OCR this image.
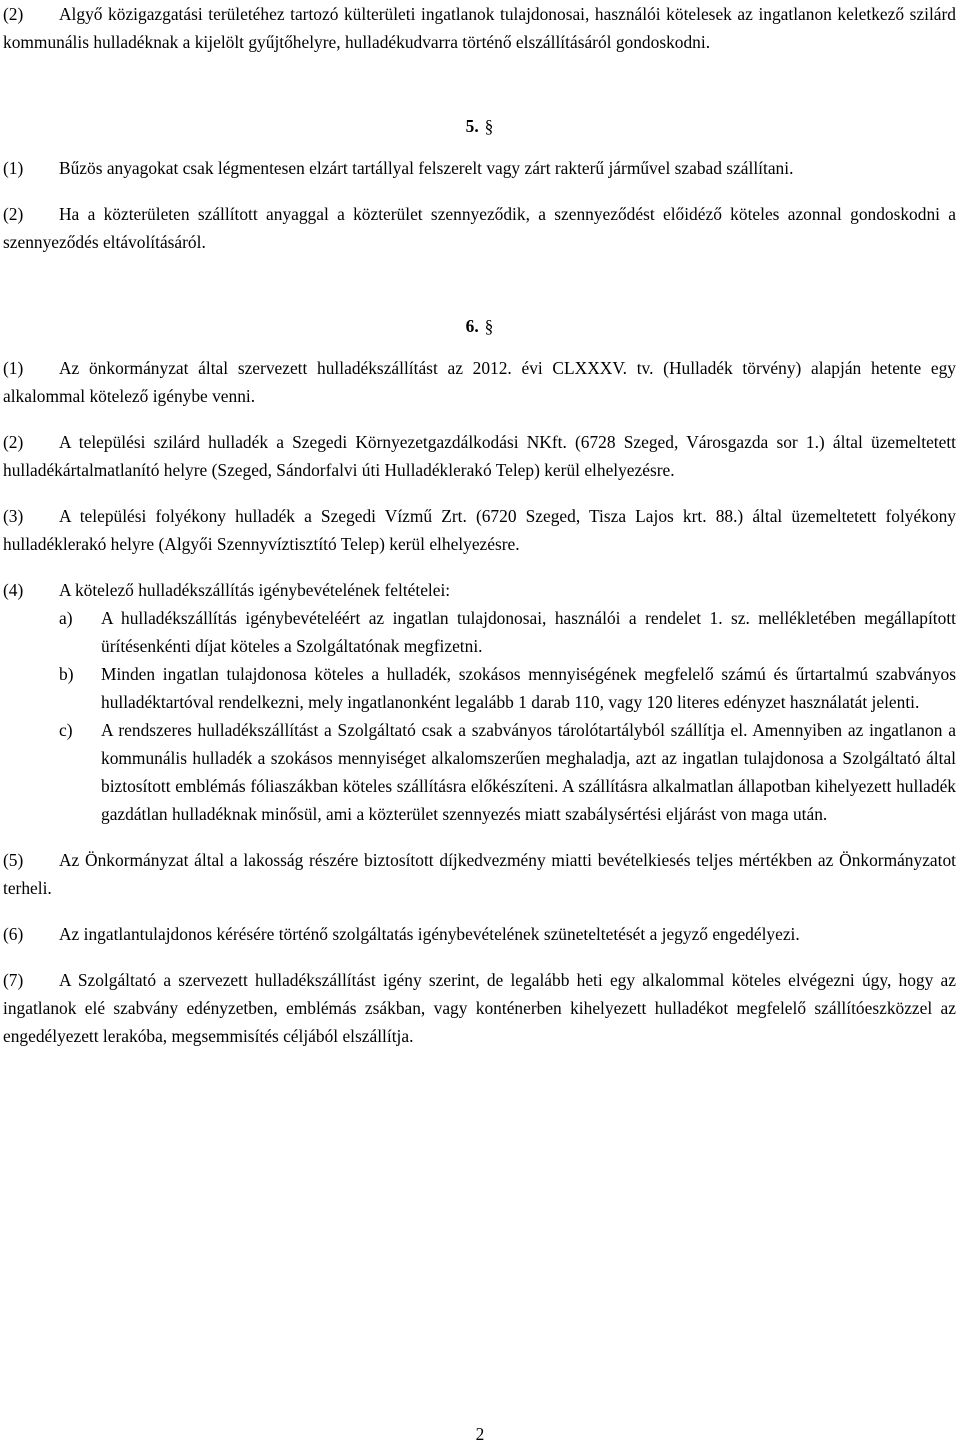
(2) Algyő közigazgatási területéhez tartozó külterületi ingatlanok tulajdonosai, használói kötelesek az ingatlanon keletkező szilárd kommunális hulladéknak a kijelölt gyűjtőhelyre, hulladékudvarra történő elszállításáról gondoskodni.

5. §

(1) Bűzös anyagokat csak légmentesen elzárt tartállyal felszerelt vagy zárt rakterű járművel szabad szállítani.

(2) Ha a közterületen szállított anyaggal a közterület szennyeződik, a szennyeződést előidéző köteles azonnal gondoskodni a szennyeződés eltávolításáról.

6. §

(1) Az önkormányzat által szervezett hulladékszállítást az 2012. évi CLXXXV. tv. (Hulladék törvény) alapján hetente egy alkalommal kötelező igénybe venni.

(2) A települési szilárd hulladék a Szegedi Környezetgazdálkodási NKft. (6728 Szeged, Városgazda sor 1.) által üzemeltetett hulladékártalmatlanító helyre (Szeged, Sándorfalvi úti Hulladéklerakó Telep) kerül elhelyezésre.

(3) A települési folyékony hulladék a Szegedi Vízmű Zrt. (6720 Szeged, Tisza Lajos krt. 88.) által üzemeltetett folyékony hulladéklerakó helyre (Algyői Szennyvíztisztító Telep) kerül elhelyezésre.

(4) A kötelező hulladékszállítás igénybevételének feltételei:

a)	A hulladékszállítás igénybevételéért az ingatlan tulajdonosai, használói a rendelet 1. sz. mellékletében megállapított ürítésenkénti díjat köteles a Szolgáltatónak megfizetni.
b)	Minden ingatlan tulajdonosa köteles a hulladék, szokásos mennyiségének megfelelő számú és űrtartalmú szabványos hulladéktartóval rendelkezni, mely ingatlanonként legalább 1 darab 110, vagy 120 literes edényzet használatát jelenti.
c)	A rendszeres hulladékszállítást a Szolgáltató csak a szabványos tárolótartályból szállítja el. Amennyiben az ingatlanon a kommunális hulladék a szokásos mennyiséget alkalomszerűen meghaladja, azt az ingatlan tulajdonosa a Szolgáltató által biztosított emblémás fóliaszákban köteles szállításra előkészíteni. A szállításra alkalmatlan állapotban kihelyezett hulladék gazdátlan hulladéknak minősül, ami a közterület szennyezés miatt szabálysértési eljárást von maga után.

(5) Az Önkormányzat által a lakosság részére biztosított díjkedvezmény miatti bevételkiesés teljes mértékben az Önkormányzatot terheli.

(6) Az ingatlantulajdonos kérésére történő szolgáltatás igénybevételének szüneteltetését a jegyző engedélyezi.

(7) A Szolgáltató a szervezett hulladékszállítást igény szerint, de legalább heti egy alkalommal köteles elvégezni úgy, hogy az ingatlanok elé szabvány edényzetben, emblémás zsákban, vagy konténerben kihelyezett hulladékot megfelelő szállítóeszközzel az engedélyezett lerakóba, megsemmisítés céljából elszállítja.

2
